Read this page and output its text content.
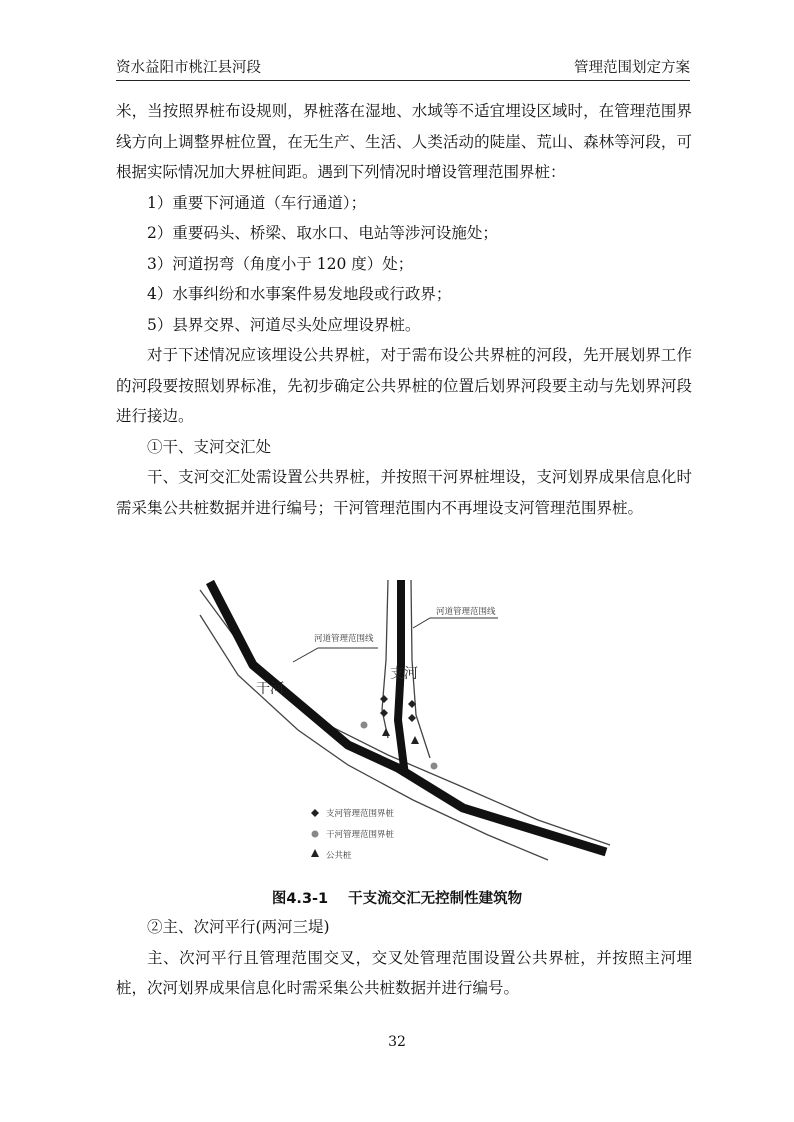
资水益阳市桃江县河段	管理范围划定方案

米，当按照界桩布设规则，界桩落在湿地、水域等不适宜埋设区域时，在管理范围界线方向上调整界桩位置，在无生产、生活、人类活动的陡崖、荒山、森林等河段，可根据实际情况加大界桩间距。遇到下列情况时增设管理范围界桩：

1）重要下河通道（车行通道）；

2）重要码头、桥梁、取水口、电站等涉河设施处；

3）河道拐弯（角度小于 120 度）处；

4）水事纠纷和水事案件易发地段或行政界；

5）县界交界、河道尽头处应埋设界桩。

对于下述情况应该埋设公共界桩，对于需布设公共界桩的河段，先开展划界工作的河段要按照划界标准，先初步确定公共界桩的位置后划界河段要主动与先划界河段进行接边。

①干、支河交汇处

干、支河交汇处需设置公共界桩，并按照干河界桩埋设，支河划界成果信息化时需采集公共桩数据并进行编号；干河管理范围内不再埋设支河管理范围界桩。

河道管理范围线
河道管理范围线
干河
支河
支河管理范围界桩
干河管理范围界桩
公共桩
图4.3-1 干支流交汇无控制性建筑物

②主、次河平行(两河三堤)

主、次河平行且管理范围交叉，交叉处管理范围设置公共界桩，并按照主河埋桩，次河划界成果信息化时需采集公共桩数据并进行编号。

32
